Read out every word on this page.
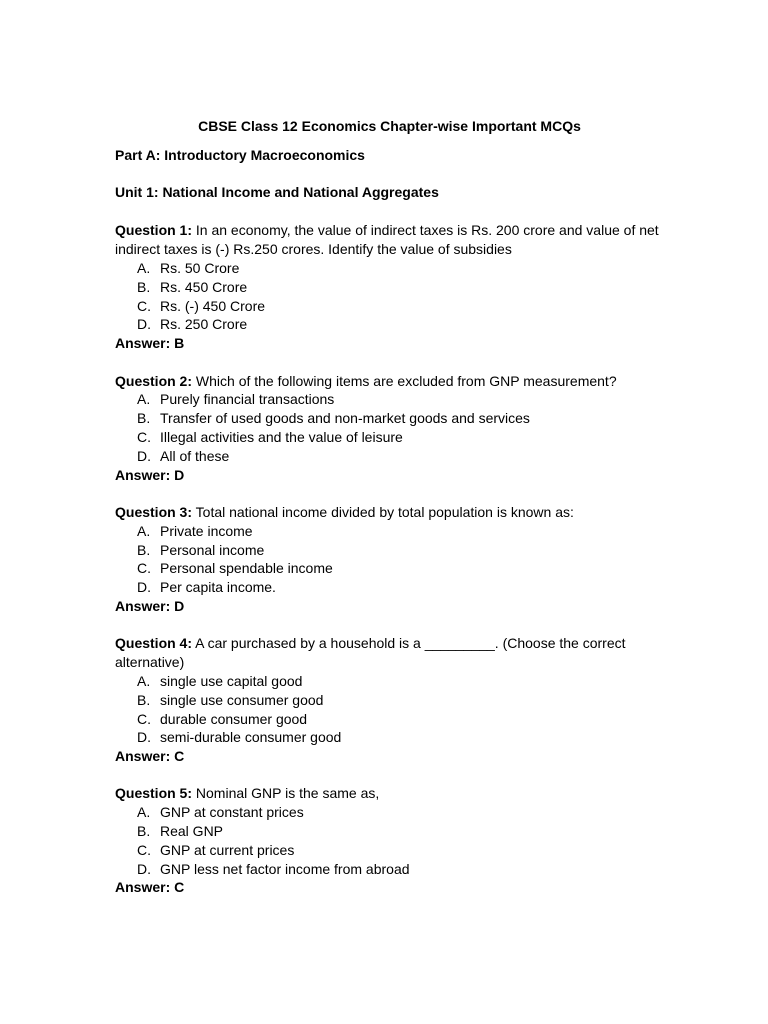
CBSE Class 12 Economics Chapter-wise Important MCQs

Part A: Introductory Macroeconomics

Unit 1: National Income and National Aggregates

Question 1: In an economy, the value of indirect taxes is Rs. 200 crore and value of net indirect taxes is (-) Rs.250 crores. Identify the value of subsidies

A. Rs. 50 Crore
B. Rs. 450 Crore
C. Rs. (-) 450 Crore
D. Rs. 250 Crore

Answer: B

Question 2: Which of the following items are excluded from GNP measurement?

A. Purely financial transactions
B. Transfer of used goods and non-market goods and services
C. Illegal activities and the value of leisure
D. All of these

Answer: D

Question 3: Total national income divided by total population is known as:

A. Private income
B. Personal income
C. Personal spendable income
D. Per capita income.

Answer: D

Question 4: A car purchased by a household is a _________. (Choose the correct alternative)

A. single use capital good
B. single use consumer good
C. durable consumer good
D. semi-durable consumer good

Answer: C

Question 5: Nominal GNP is the same as,

A. GNP at constant prices
B. Real GNP
C. GNP at current prices
D. GNP less net factor income from abroad

Answer: C
